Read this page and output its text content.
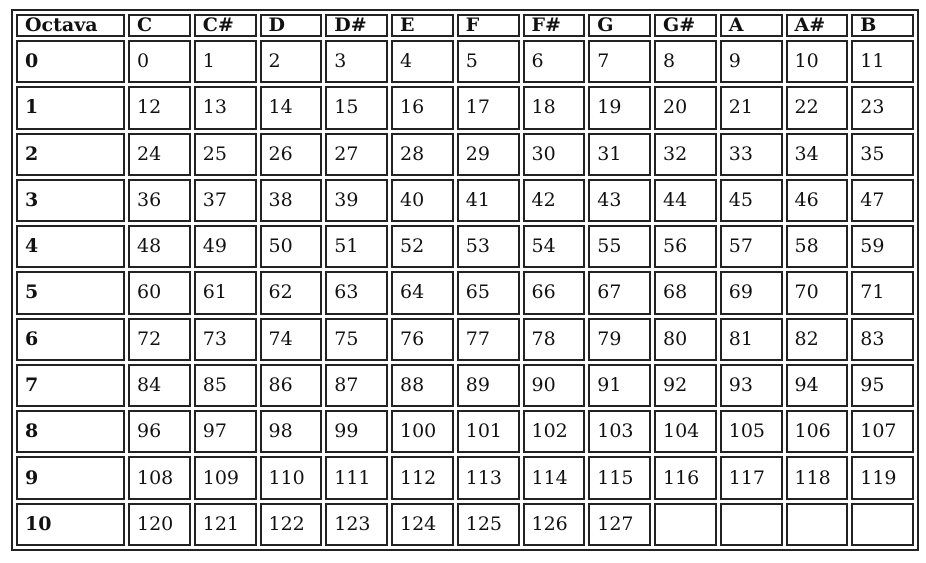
Octava	C	C#	D	D#	E	F	F#	G	G#	A	A#	B
0	0	1	2	3	4	5	6	7	8	9	10	11
1	12	13	14	15	16	17	18	19	20	21	22	23
2	24	25	26	27	28	29	30	31	32	33	34	35
3	36	37	38	39	40	41	42	43	44	45	46	47
4	48	49	50	51	52	53	54	55	56	57	58	59
5	60	61	62	63	64	65	66	67	68	69	70	71
6	72	73	74	75	76	77	78	79	80	81	82	83
7	84	85	86	87	88	89	90	91	92	93	94	95
8	96	97	98	99	100	101	102	103	104	105	106	107
9	108	109	110	111	112	113	114	115	116	117	118	119
10	120	121	122	123	124	125	126	127				
